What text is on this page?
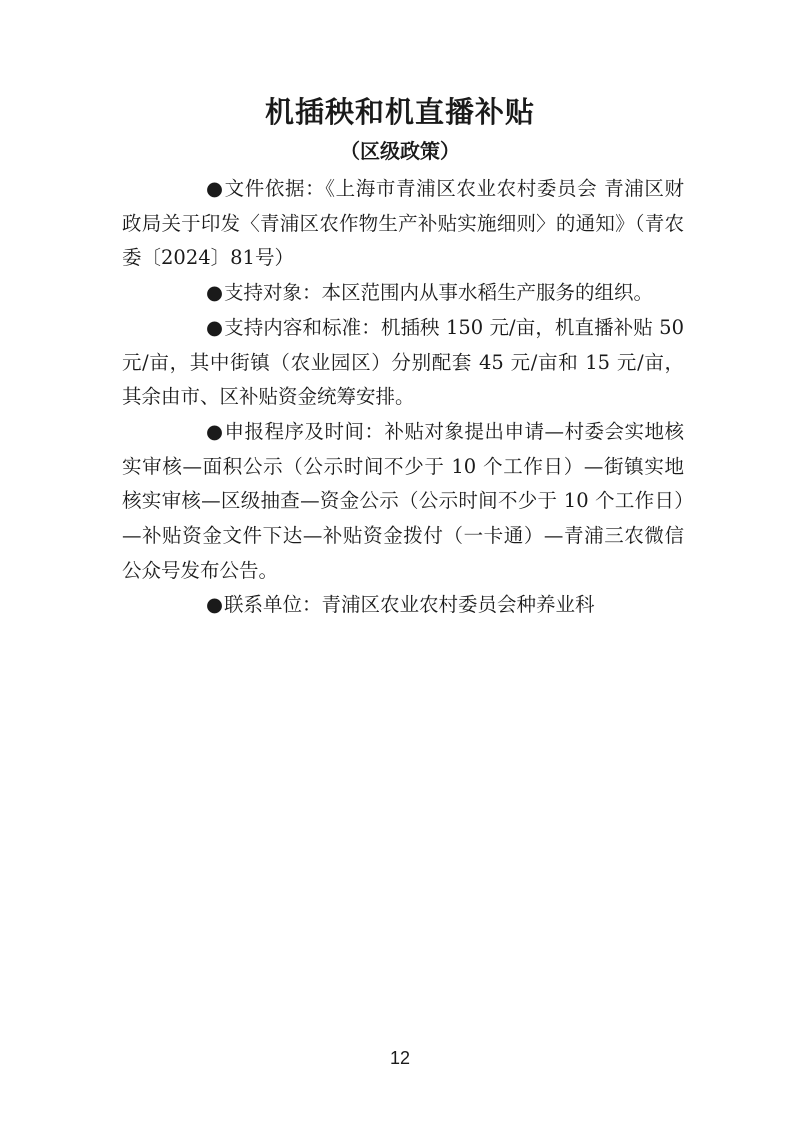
机插秧和机直播补贴
（区级政策）

●文件依据：《上海市青浦区农业农村委员会 青浦区财政局关于印发〈青浦区农作物生产补贴实施细则〉的通知》（青农委〔2024〕81号）

●支持对象：本区范围内从事水稻生产服务的组织。

●支持内容和标准：机插秧 150 元/亩，机直播补贴 50 元/亩，其中街镇（农业园区）分别配套 45 元/亩和 15 元/亩，其余由市、区补贴资金统筹安排。

●申报程序及时间：补贴对象提出申请—村委会实地核实审核—面积公示（公示时间不少于 10 个工作日）—街镇实地核实审核—区级抽查—资金公示（公示时间不少于 10 个工作日）—补贴资金文件下达—补贴资金拨付（一卡通）—青浦三农微信公众号发布公告。

●联系单位：青浦区农业农村委员会种养业科

12
